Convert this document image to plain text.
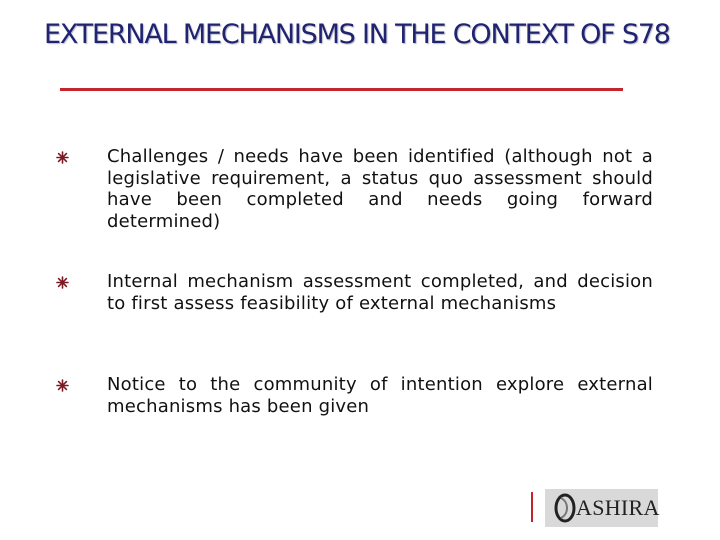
EXTERNAL MECHANISMS IN THE CONTEXT OF S78
Challenges / needs have been identified (although not a legislative requirement, a status quo assessment should have been completed and needs going forward determined)
Internal mechanism assessment completed, and decision to first assess feasibility of external mechanisms
Notice to the community of intention explore external mechanisms has been given
ASHIRA
